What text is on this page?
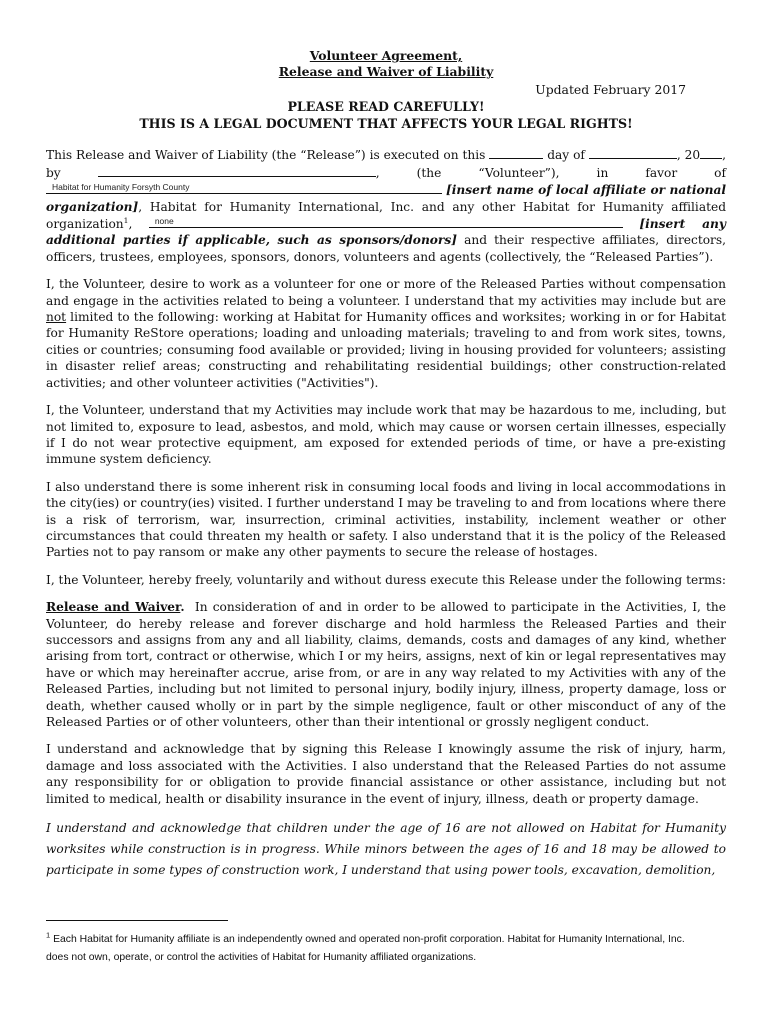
Volunteer Agreement,
Release and Waiver of Liability
Updated February 2017
PLEASE READ CAREFULLY!
THIS IS A LEGAL DOCUMENT THAT AFFECTS YOUR LEGAL RIGHTS!

This Release and Waiver of Liability (the “Release”) is executed on this	day of	, 20 , by	, (the “Volunteer”), in favor of
Habitat for Humanity Forsyth County	[insert name of local affiliate or national organization], Habitat for Humanity International, Inc. and any other Habitat for Humanity affiliated organization$^1$,	none	[insert any additional parties if applicable, such as sponsors/donors] and their respective affiliates, directors, officers, trustees, employees, sponsors, donors, volunteers and agents (collectively, the “Released Parties”).

I, the Volunteer, desire to work as a volunteer for one or more of the Released Parties without compensation and engage in the activities related to being a volunteer. I understand that my activities may include but are not limited to the following: working at Habitat for Humanity offices and worksites; working in or for Habitat for Humanity ReStore operations; loading and unloading materials; traveling to and from work sites, towns, cities or countries; consuming food available or provided; living in housing provided for volunteers; assisting in disaster relief areas; constructing and rehabilitating residential buildings; other construction-related activities; and other volunteer activities ("Activities").

I, the Volunteer, understand that my Activities may include work that may be hazardous to me, including, but not limited to, exposure to lead, asbestos, and mold, which may cause or worsen certain illnesses, especially if I do not wear protective equipment, am exposed for extended periods of time, or have a pre-existing immune system deficiency.

I also understand there is some inherent risk in consuming local foods and living in local accommodations in the city(ies) or country(ies) visited. I further understand I may be traveling to and from locations where there is a risk of terrorism, war, insurrection, criminal activities, instability, inclement weather or other circumstances that could threaten my health or safety. I also understand that it is the policy of the Released Parties not to pay ransom or make any other payments to secure the release of hostages.

I, the Volunteer, hereby freely, voluntarily and without duress execute this Release under the following terms:

Release and Waiver. In consideration of and in order to be allowed to participate in the Activities, I, the Volunteer, do hereby release and forever discharge and hold harmless the Released Parties and their successors and assigns from any and all liability, claims, demands, costs and damages of any kind, whether arising from tort, contract or otherwise, which I or my heirs, assigns, next of kin or legal representatives may have or which may hereinafter accrue, arise from, or are in any way related to my Activities with any of the Released Parties, including but not limited to personal injury, bodily injury, illness, property damage, loss or death, whether caused wholly or in part by the simple negligence, fault or other misconduct of any of the Released Parties or of other volunteers, other than their intentional or grossly negligent conduct.

I understand and acknowledge that by signing this Release I knowingly assume the risk of injury, harm, damage and loss associated with the Activities. I also understand that the Released Parties do not assume any responsibility for or obligation to provide financial assistance or other assistance, including but not limited to medical, health or disability insurance in the event of injury, illness, death or property damage.

I understand and acknowledge that children under the age of 16 are not allowed on Habitat for Humanity worksites while construction is in progress. While minors between the ages of 16 and 18 may be allowed to participate in some types of construction work, I understand that using power tools, excavation, demolition,

$^1$ Each Habitat for Humanity affiliate is an independently owned and operated non-profit corporation. Habitat for Humanity International, Inc. does not own, operate, or control the activities of Habitat for Humanity affiliated organizations.
